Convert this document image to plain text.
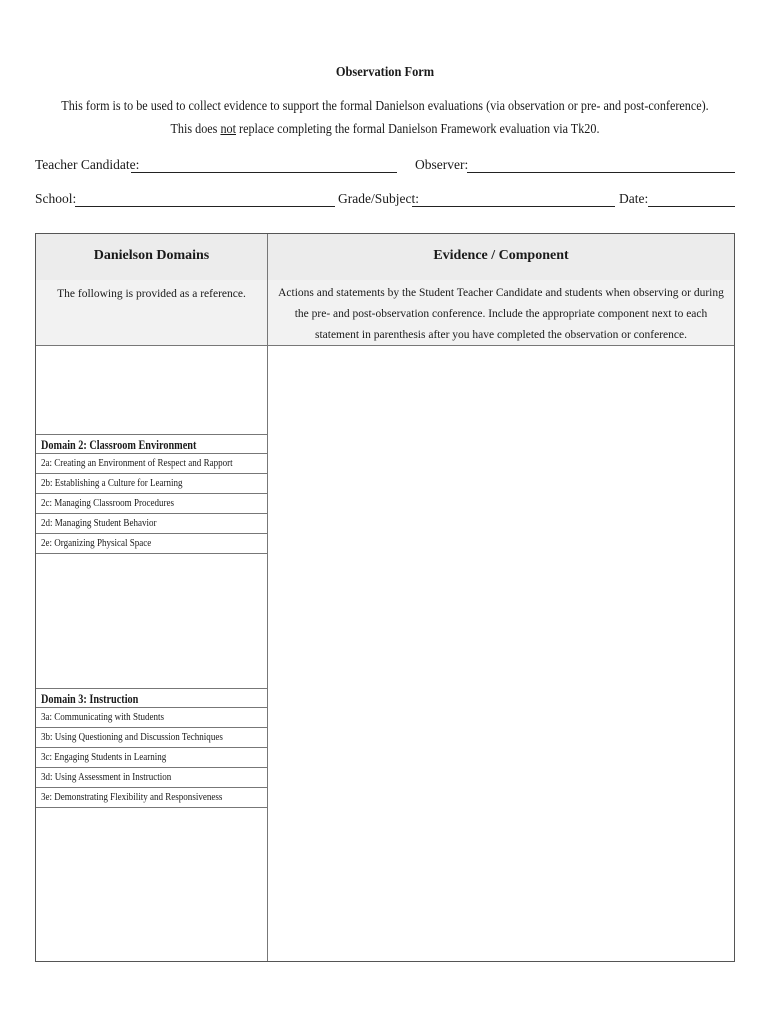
Observation Form
This form is to be used to collect evidence to support the formal Danielson evaluations (via observation or pre- and post-conference).
This does not replace completing the formal Danielson Framework evaluation via Tk20.
Teacher Candidate:	Observer:
School:	Grade/Subject:	Date:
Danielson Domains	Evidence / Component
The following is provided as a reference.	Actions and statements by the Student Teacher Candidate and students when observing or during the pre- and post-observation conference. Include the appropriate component next to each statement in parenthesis after you have completed the observation or conference.
Domain 2: Classroom Environment
2a: Creating an Environment of Respect and Rapport
2b: Establishing a Culture for Learning
2c: Managing Classroom Procedures
2d: Managing Student Behavior
2e: Organizing Physical Space
Domain 3: Instruction
3a: Communicating with Students
3b: Using Questioning and Discussion Techniques
3c: Engaging Students in Learning
3d: Using Assessment in Instruction
3e: Demonstrating Flexibility and Responsiveness
